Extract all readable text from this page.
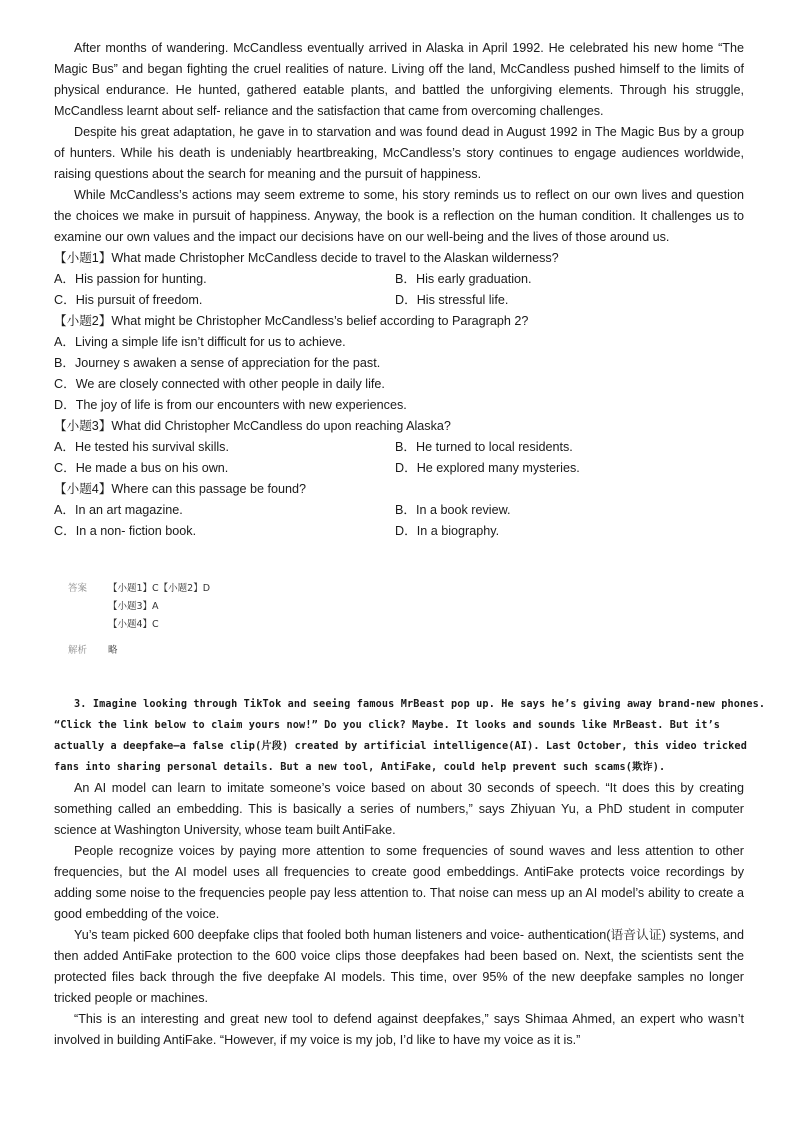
After months of wandering. McCandless eventually arrived in Alaska in April 1992. He celebrated his new home “The Magic Bus” and began fighting the cruel realities of nature. Living off the land, McCandless pushed himself to the limits of physical endurance. He hunted, gathered eatable plants, and battled the unforgiving elements. Through his struggle, McCandless learnt about self- reliance and the satisfaction that came from overcoming challenges.

Despite his great adaptation, he gave in to starvation and was found dead in August 1992 in The Magic Bus by a group of hunters. While his death is undeniably heartbreaking, McCandless’s story continues to engage audiences worldwide, raising questions about the search for meaning and the pursuit of happiness.

While McCandless’s actions may seem extreme to some, his story reminds us to reflect on our own lives and question the choices we make in pursuit of happiness. Anyway, the book is a reflection on the human condition. It challenges us to examine our own values and the impact our decisions have on our well-being and the lives of those around us.

【小题1】What made Christopher McCandless decide to travel to the Alaskan wilderness?

A．His passion for hunting.	B．His early graduation.

C．His pursuit of freedom.	D．His stressful life.

【小题2】What might be Christopher McCandless’s belief according to Paragraph 2?

A．Living a simple life isn’t difficult for us to achieve.

B．Journey s awaken a sense of appreciation for the past.

C．We are closely connected with other people in daily life.

D．The joy of life is from our encounters with new experiences.

【小题3】What did Christopher McCandless do upon reaching Alaska?

A．He tested his survival skills.	B．He turned to local residents.

C．He made a bus on his own.	D．He explored many mysteries.

【小题4】Where can this passage be found?

A．In an art magazine.	B．In a book review.

C．In a non- fiction book.	D．In a biography.

答案 【小题1】C【小题2】D
【小题3】A
【小题4】C
解析 略

3. Imagine looking through TikTok and seeing famous MrBeast pop up. He says he’s giving away brand-new phones.

“Click the link below to claim yours now!” Do you click? Maybe. It looks and sounds like MrBeast. But it’s

actually a deepfake—a false clip(片段) created by artificial intelligence(AI). Last October, this video tricked

fans into sharing personal details. But a new tool, AntiFake, could help prevent such scams(欺诈).

An AI model can learn to imitate someone’s voice based on about 30 seconds of speech. “It does this by creating something called an embedding. This is basically a series of numbers,” says Zhiyuan Yu, a PhD student in computer science at Washington University, whose team built AntiFake.

People recognize voices by paying more attention to some frequencies of sound waves and less attention to other frequencies, but the AI model uses all frequencies to create good embeddings. AntiFake protects voice recordings by adding some noise to the frequencies people pay less attention to. That noise can mess up an AI model’s ability to create a good embedding of the voice.

Yu’s team picked 600 deepfake clips that fooled both human listeners and voice- authentication(语音认证) systems, and then added AntiFake protection to the 600 voice clips those deepfakes had been based on. Next, the scientists sent the protected files back through the five deepfake AI models. This time, over 95% of the new deepfake samples no longer tricked people or machines.

“This is an interesting and great new tool to defend against deepfakes,” says Shimaa Ahmed, an expert who wasn’t involved in building AntiFake. “However, if my voice is my job, I’d like to have my voice as it is.”
